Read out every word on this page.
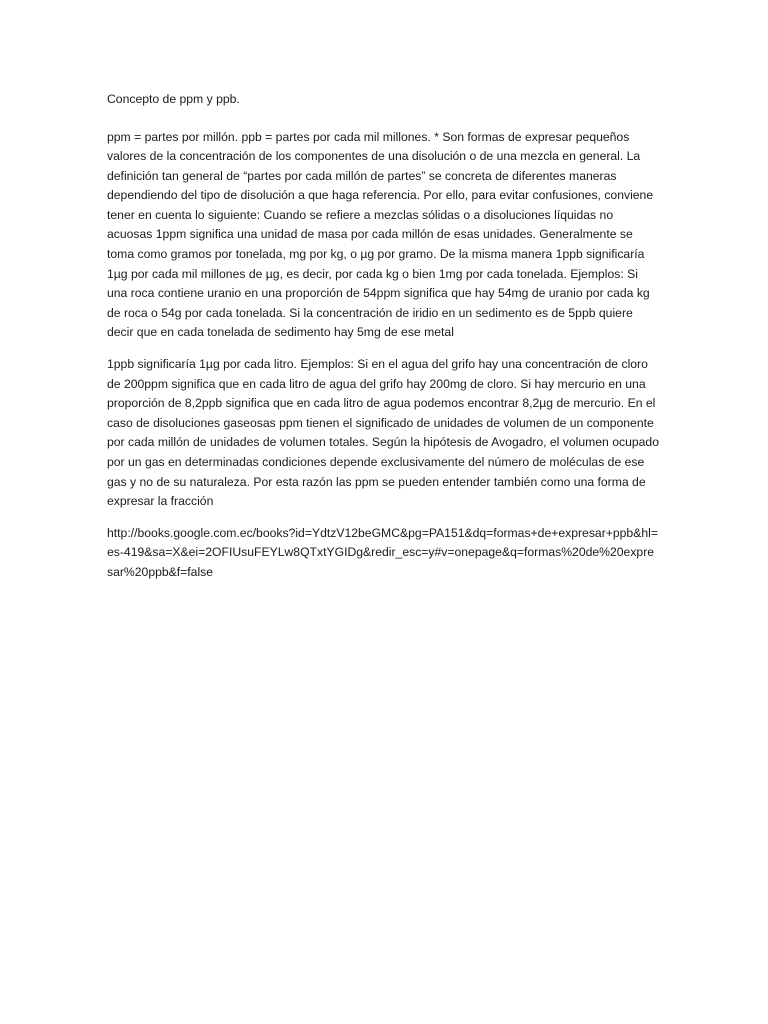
Concepto de ppm y ppb.

ppm = partes por millón. ppb = partes por cada mil millones. * Son formas de expresar pequeños valores de la concentración de los componentes de una disolución o de una mezcla en general. La definición tan general de “partes por cada millón de partes” se concreta de diferentes maneras dependiendo del tipo de disolución a que haga referencia. Por ello, para evitar confusiones, conviene tener en cuenta lo siguiente: Cuando se refiere a mezclas sólidas o a disoluciones líquidas no acuosas 1ppm significa una unidad de masa por cada millón de esas unidades. Generalmente se toma como gramos por tonelada, mg por kg, o µg por gramo. De la misma manera 1ppb significaría 1µg por cada mil millones de µg, es decir, por cada kg o bien 1mg por cada tonelada. Ejemplos: Si una roca contiene uranio en una proporción de 54ppm significa que hay 54mg de uranio por cada kg de roca o 54g por cada tonelada. Si la concentración de iridio en un sedimento es de 5ppb quiere decir que en cada tonelada de sedimento hay 5mg de ese metal

1ppb significaría 1µg por cada litro. Ejemplos: Si en el agua del grifo hay una concentración de cloro de 200ppm significa que en cada litro de agua del grifo hay 200mg de cloro. Si hay mercurio en una proporción de 8,2ppb significa que en cada litro de agua podemos encontrar 8,2µg de mercurio. En el caso de disoluciones gaseosas ppm tienen el significado de unidades de volumen de un componente por cada millón de unidades de volumen totales. Según la hipótesis de Avogadro, el volumen ocupado por un gas en determinadas condiciones depende exclusivamente del número de moléculas de ese gas y no de su naturaleza. Por esta razón las ppm se pueden entender también como una forma de expresar la fracción

http://books.google.com.ec/books?id=YdtzV12beGMC&pg=PA151&dq=formas+de+expresar+ppb&hl=es-419&sa=X&ei=2OFIUsuFEYLw8QTxtYGIDg&redir_esc=y#v=onepage&q=formas%20de%20expresar%20ppb&f=false
